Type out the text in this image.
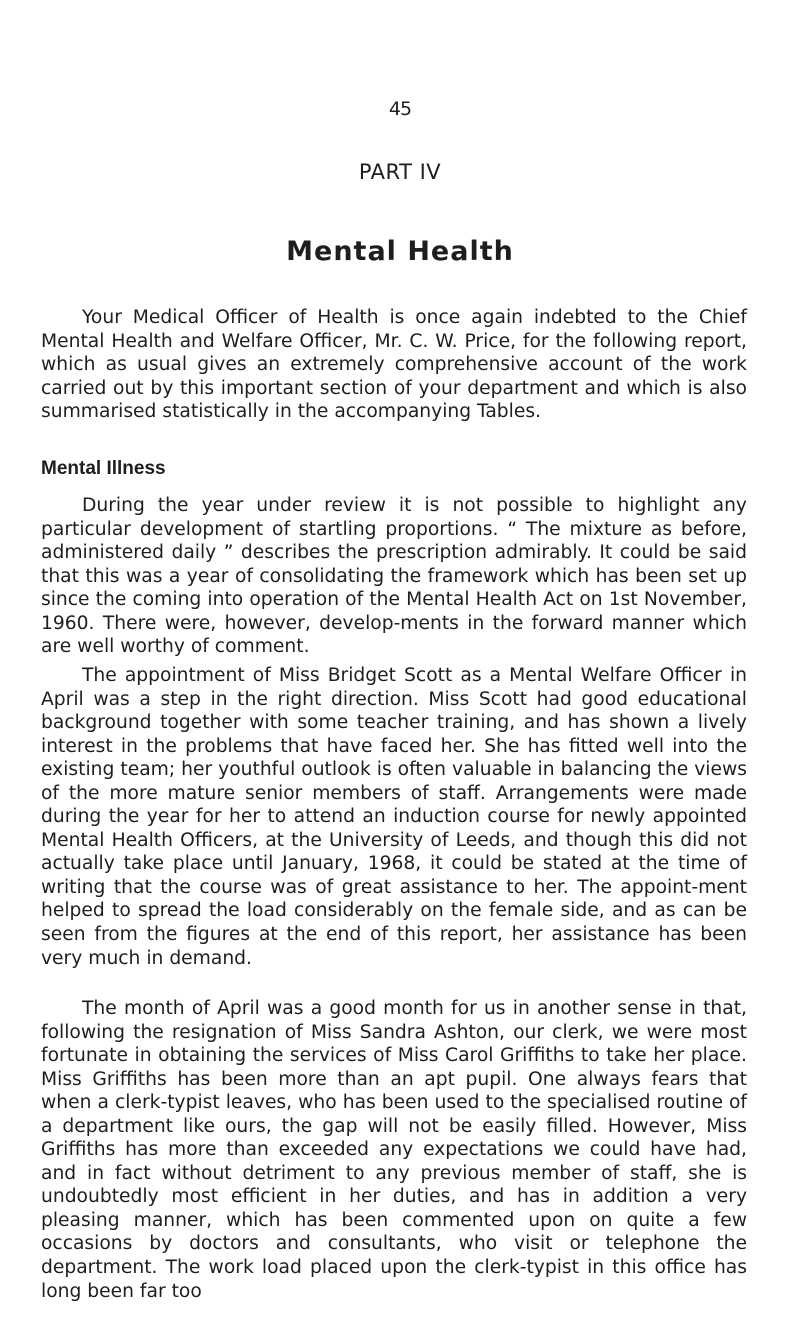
45
PART IV
Mental Health

Your Medical Officer of Health is once again indebted to the Chief Mental Health and Welfare Officer, Mr. C. W. Price, for the following report, which as usual gives an extremely comprehensive account of the work carried out by this important section of your department and which is also summarised statistically in the accompanying Tables.

Mental Illness

During the year under review it is not possible to highlight any particular development of startling proportions. “ The mixture as before, administered daily ” describes the prescription admirably. It could be said that this was a year of consolidating the framework which has been set up since the coming into operation of the Mental Health Act on 1st November, 1960. There were, however, develop-ments in the forward manner which are well worthy of comment.

The appointment of Miss Bridget Scott as a Mental Welfare Officer in April was a step in the right direction. Miss Scott had good educational background together with some teacher training, and has shown a lively interest in the problems that have faced her. She has fitted well into the existing team; her youthful outlook is often valuable in balancing the views of the more mature senior members of staff. Arrangements were made during the year for her to attend an induction course for newly appointed Mental Health Officers, at the University of Leeds, and though this did not actually take place until January, 1968, it could be stated at the time of writing that the course was of great assistance to her. The appoint-ment helped to spread the load considerably on the female side, and as can be seen from the figures at the end of this report, her assistance has been very much in demand.

The month of April was a good month for us in another sense in that, following the resignation of Miss Sandra Ashton, our clerk, we were most fortunate in obtaining the services of Miss Carol Griffiths to take her place. Miss Griffiths has been more than an apt pupil. One always fears that when a clerk-typist leaves, who has been used to the specialised routine of a department like ours, the gap will not be easily filled. However, Miss Griffiths has more than exceeded any expectations we could have had, and in fact without detriment to any previous member of staff, she is undoubtedly most efficient in her duties, and has in addition a very pleasing manner, which has been commented upon on quite a few occasions by doctors and consultants, who visit or telephone the department. The work load placed upon the clerk-typist in this office has long been far too
